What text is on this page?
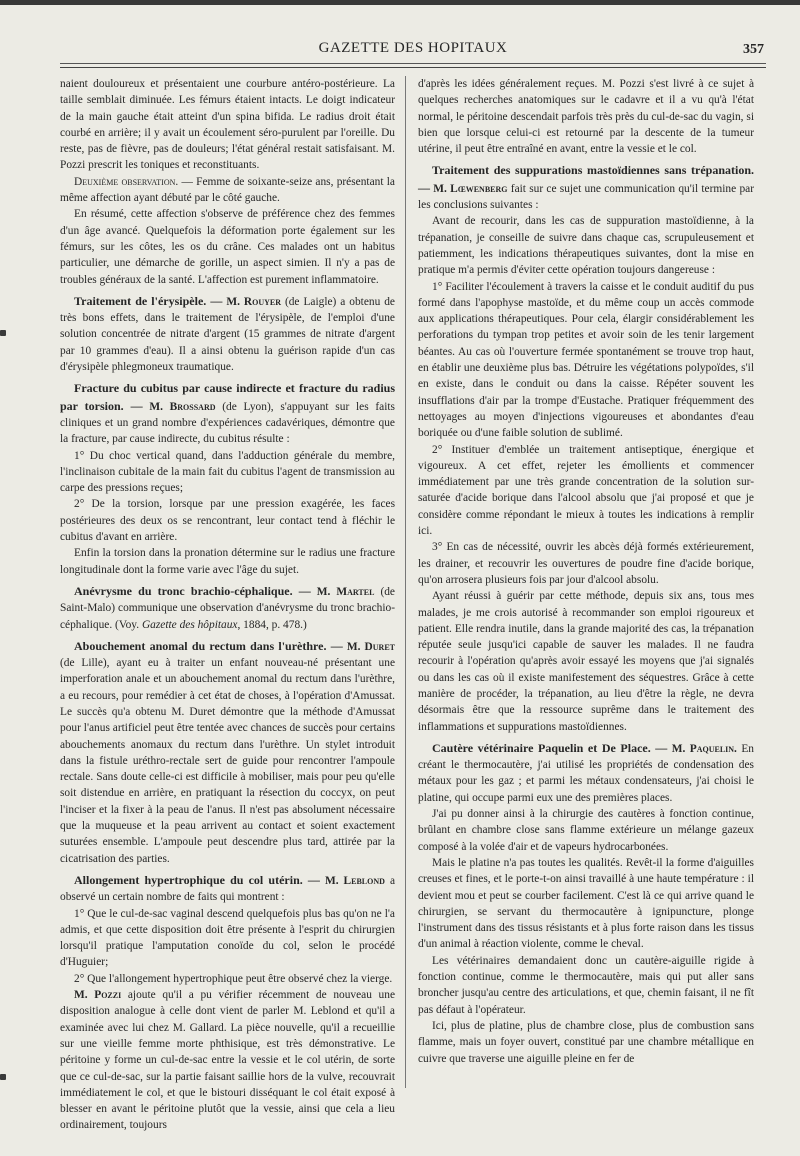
GAZETTE DES HOPITAUX	357

naient douloureux et présentaient une courbure antéro-postérieure. La taille semblait diminuée. Les fémurs étaient intacts. Le doigt indicateur de la main gauche était atteint d'un spina bifida. Le radius droit était courbé en arrière; il y avait un écoulement séro-purulent par l'oreille. Du reste, pas de fièvre, pas de douleurs; l'état général restait satisfaisant. M. Pozzi prescrit les toniques et reconstituants.

Deuxième observation. — Femme de soixante-seize ans, présentant la même affection ayant débuté par le côté gauche.

En résumé, cette affection s'observe de préférence chez des femmes d'un âge avancé. Quelquefois la déformation porte également sur les fémurs, sur les côtes, les os du crâne. Ces malades ont un habitus particulier, une démarche de gorille, un aspect simien. Il n'y a pas de troubles généraux de la santé. L'affection est purement inflammatoire.

Traitement de l'érysipèle. — M. Rouyer (de Laigle) a obtenu de très bons effets, dans le traitement de l'érysipèle, de l'emploi d'une solution concentrée de nitrate d'argent (15 grammes de nitrate d'argent par 10 grammes d'eau). Il a ainsi obtenu la guérison rapide d'un cas d'érysipèle phlegmoneux traumatique.

Fracture du cubitus par cause indirecte et fracture du radius par torsion. — M. Brossard (de Lyon), s'appuyant sur les faits cliniques et un grand nombre d'expériences cadavériques, démontre que la fracture, par cause indirecte, du cubitus résulte :

1° Du choc vertical quand, dans l'adduction générale du membre, l'inclinaison cubitale de la main fait du cubitus l'agent de transmission au carpe des pressions reçues;

2° De la torsion, lorsque par une pression exagérée, les faces postérieures des deux os se rencontrant, leur contact tend à fléchir le cubitus d'avant en arrière.

Enfin la torsion dans la pronation détermine sur le radius une fracture longitudinale dont la forme varie avec l'âge du sujet.

Anévrysme du tronc brachio-céphalique. — M. Martel (de Saint-Malo) communique une observation d'anévrysme du tronc brachio-céphalique. (Voy. Gazette des hôpitaux, 1884, p. 478.)

Abouchement anomal du rectum dans l'urèthre. — M. Duret (de Lille), ayant eu à traiter un enfant nouveau-né présentant une imperforation anale et un abouchement anomal du rectum dans l'urèthre, a eu recours, pour remédier à cet état de choses, à l'opération d'Amussat. Le succès qu'a obtenu M. Duret démontre que la méthode d'Amussat pour l'anus artificiel peut être tentée avec chances de succès pour certains abouchements anomaux du rectum dans l'urèthre. Un stylet introduit dans la fistule uréthro-rectale sert de guide pour rencontrer l'ampoule rectale. Sans doute celle-ci est difficile à mobiliser, mais pour peu qu'elle soit distendue en arrière, en pratiquant la résection du coccyx, on peut l'inciser et la fixer à la peau de l'anus. Il n'est pas absolument nécessaire que la muqueuse et la peau arrivent au contact et soient exactement suturées ensemble. L'ampoule peut descendre plus tard, attirée par la cicatrisation des parties.

Allongement hypertrophique du col utérin. — M. Leblond a observé un certain nombre de faits qui montrent :

1° Que le cul-de-sac vaginal descend quelquefois plus bas qu'on ne l'a admis, et que cette disposition doit être présente à l'esprit du chirurgien lorsqu'il pratique l'amputation conoïde du col, selon le procédé d'Huguier;

2° Que l'allongement hypertrophique peut être observé chez la vierge.

M. Pozzi ajoute qu'il a pu vérifier récemment de nouveau une disposition analogue à celle dont vient de parler M. Leblond et qu'il a examinée avec lui chez M. Gallard. La pièce nouvelle, qu'il a recueillie sur une vieille femme morte phthisique, est très démonstrative. Le péritoine y forme un cul-de-sac entre la vessie et le col utérin, de sorte que ce cul-de-sac, sur la partie faisant saillie hors de la vulve, recouvrait immédiatement le col, et que le bistouri disséquant le col était exposé à blesser en avant le péritoine plutôt que la vessie, ainsi que cela a lieu ordinairement, toujours

d'après les idées généralement reçues. M. Pozzi s'est livré à ce sujet à quelques recherches anatomiques sur le cadavre et il a vu qu'à l'état normal, le péritoine descendait parfois très près du cul-de-sac du vagin, si bien que lorsque celui-ci est retourné par la descente de la tumeur utérine, il peut être entraîné en avant, entre la vessie et le col.

Traitement des suppurations mastoïdiennes sans trépanation. — M. Lœwenberg fait sur ce sujet une communication qu'il termine par les conclusions suivantes :

Avant de recourir, dans les cas de suppuration mastoïdienne, à la trépanation, je conseille de suivre dans chaque cas, scrupuleusement et patiemment, les indications thérapeutiques suivantes, dont la mise en pratique m'a permis d'éviter cette opération toujours dangereuse :

1° Faciliter l'écoulement à travers la caisse et le conduit auditif du pus formé dans l'apophyse mastoïde, et du même coup un accès commode aux applications thérapeutiques. Pour cela, élargir considérablement les perforations du tympan trop petites et avoir soin de les tenir largement béantes. Au cas où l'ouverture fermée spontanément se trouve trop haut, en établir une deuxième plus bas. Détruire les végétations polypoïdes, s'il en existe, dans le conduit ou dans la caisse. Répéter souvent les insufflations d'air par la trompe d'Eustache. Pratiquer fréquemment des nettoyages au moyen d'injections vigoureuses et abondantes d'eau boriquée ou d'une faible solution de sublimé.

2° Instituer d'emblée un traitement antiseptique, énergique et vigoureux. A cet effet, rejeter les émollients et commencer immédiatement par une très grande concentration de la solution sur-saturée d'acide borique dans l'alcool absolu que j'ai proposé et que je considère comme répondant le mieux à toutes les indications à remplir ici.

3° En cas de nécessité, ouvrir les abcès déjà formés extérieurement, les drainer, et recouvrir les ouvertures de poudre fine d'acide borique, qu'on arrosera plusieurs fois par jour d'alcool absolu.

Ayant réussi à guérir par cette méthode, depuis six ans, tous mes malades, je me crois autorisé à recommander son emploi rigoureux et patient. Elle rendra inutile, dans la grande majorité des cas, la trépanation réputée seule jusqu'ici capable de sauver les malades. Il ne faudra recourir à l'opération qu'après avoir essayé les moyens que j'ai signalés ou dans les cas où il existe manifestement des séquestres. Grâce à cette manière de procéder, la trépanation, au lieu d'être la règle, ne devra désormais être que la ressource suprême dans le traitement des inflammations et suppurations mastoïdiennes.

Cautère vétérinaire Paquelin et De Place. — M. Paquelin. En créant le thermocautère, j'ai utilisé les propriétés de condensation des métaux pour les gaz ; et parmi les métaux condensateurs, j'ai choisi le platine, qui occupe parmi eux une des premières places.

J'ai pu donner ainsi à la chirurgie des cautères à fonction continue, brûlant en chambre close sans flamme extérieure un mélange gazeux composé à la volée d'air et de vapeurs hydrocarbonées.

Mais le platine n'a pas toutes les qualités. Revêt-il la forme d'aiguilles creuses et fines, et le porte-t-on ainsi travaillé à une haute température : il devient mou et peut se courber facilement. C'est là ce qui arrive quand le chirurgien, se servant du thermocautère à ignipuncture, plonge l'instrument dans des tissus résistants et à plus forte raison dans les tissus d'un animal à réaction violente, comme le cheval.

Les vétérinaires demandaient donc un cautère-aiguille rigide à fonction continue, comme le thermocautère, mais qui put aller sans broncher jusqu'au centre des articulations, et que, chemin faisant, il ne fît pas défaut à l'opérateur.

Ici, plus de platine, plus de chambre close, plus de combustion sans flamme, mais un foyer ouvert, constitué par une chambre métallique en cuivre que traverse une aiguille pleine en fer de
